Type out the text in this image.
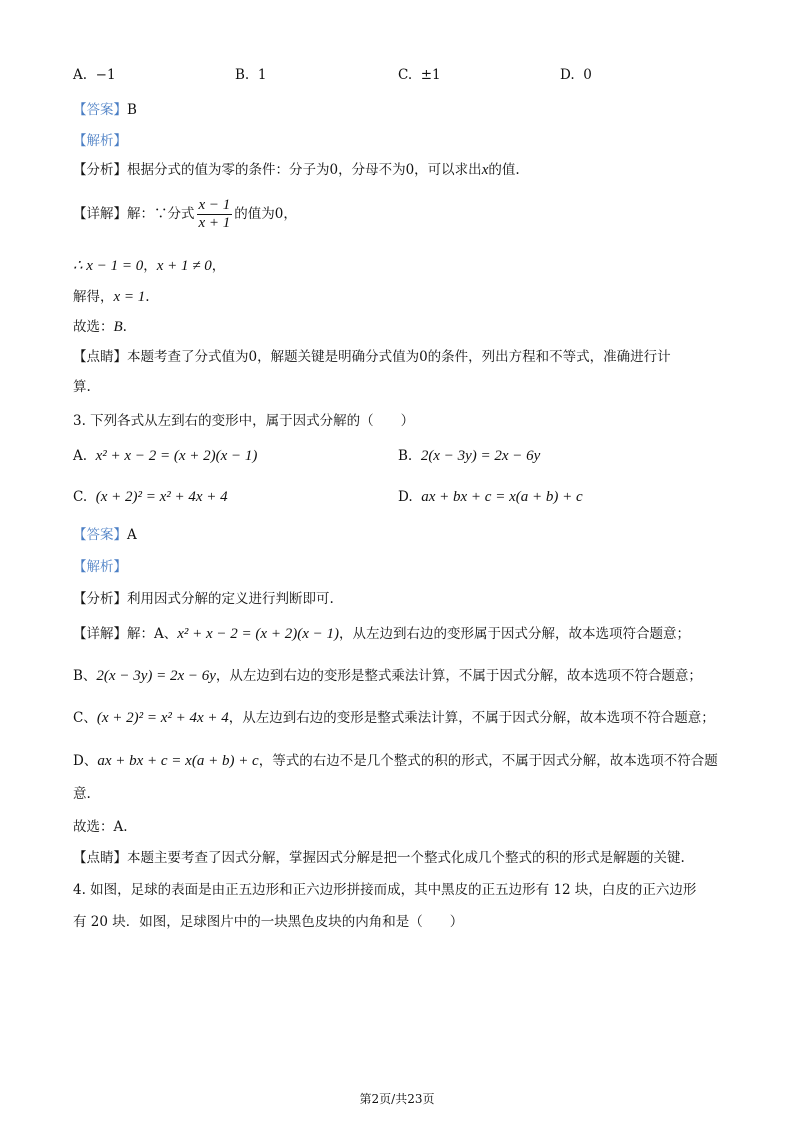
A. −1	B. 1	C. ±1	D. 0
【答案】B
【解析】
【分析】根据分式的值为零的条件：分子为0，分母不为0，可以求出x的值.
【详解】解：∵分式 $\frac{x - 1}{x + 1}$ 的值为0，
∴ x − 1 = 0，x + 1 ≠ 0，
解得，x = 1.
故选：B.
【点睛】本题考查了分式值为0，解题关键是明确分式值为0的条件，列出方程和不等式，准确进行计
算.
3. 下列各式从左到右的变形中，属于因式分解的（　　）
A. x² + x − 2 = (x + 2)(x − 1)	B. 2(x − 3y) = 2x − 6y
C. (x + 2)² = x² + 4x + 4	D. ax + bx + c = x(a + b) + c
【答案】A
【解析】
【分析】利用因式分解的定义进行判断即可.
【详解】解：A、x² + x − 2 = (x + 2)(x − 1)，从左边到右边的变形属于因式分解，故本选项符合题意；
B、2(x − 3y) = 2x − 6y，从左边到右边的变形是整式乘法计算，不属于因式分解，故本选项不符合题意；
C、(x + 2)² = x² + 4x + 4，从左边到右边的变形是整式乘法计算，不属于因式分解，故本选项不符合题意；
D、ax + bx + c = x(a + b) + c，等式的右边不是几个整式的积的形式，不属于因式分解，故本选项不符合题
意.
故选：A.
【点睛】本题主要考查了因式分解，掌握因式分解是把一个整式化成几个整式的积的形式是解题的关键.
4. 如图，足球的表面是由正五边形和正六边形拼接而成，其中黑皮的正五边形有 12 块，白皮的正六边形
有 20 块．如图，足球图片中的一块黑色皮块的内角和是（　　）
第2页/共23页
